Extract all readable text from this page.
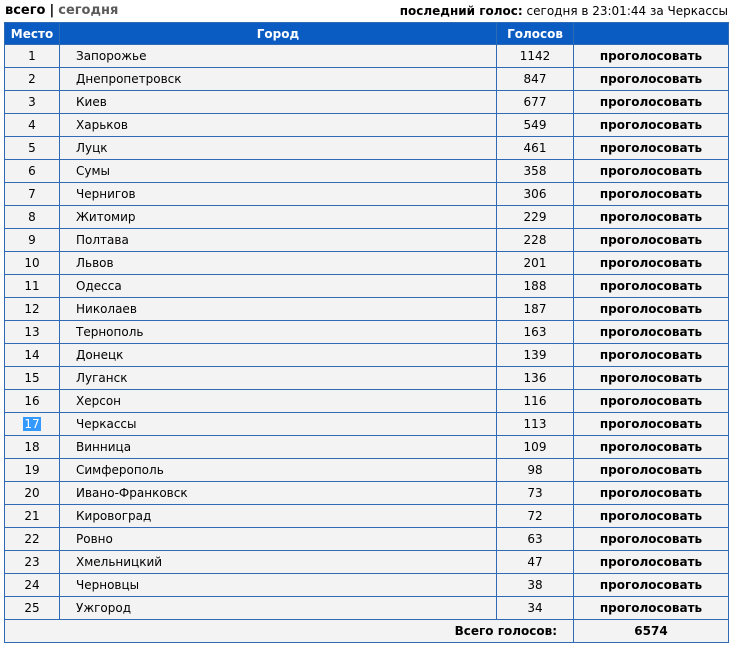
всего | сегодня	последний голос: сегодня в 23:01:44 за Черкассы
Место	Город	Голосов	
1	Запорожье	1142	проголосовать
2	Днепропетровск	847	проголосовать
3	Киев	677	проголосовать
4	Харьков	549	проголосовать
5	Луцк	461	проголосовать
6	Сумы	358	проголосовать
7	Чернигов	306	проголосовать
8	Житомир	229	проголосовать
9	Полтава	228	проголосовать
10	Львов	201	проголосовать
11	Одесса	188	проголосовать
12	Николаев	187	проголосовать
13	Тернополь	163	проголосовать
14	Донецк	139	проголосовать
15	Луганск	136	проголосовать
16	Херсон	116	проголосовать
17	Черкассы	113	проголосовать
18	Винница	109	проголосовать
19	Симферополь	98	проголосовать
20	Ивано-Франковск	73	проголосовать
21	Кировоград	72	проголосовать
22	Ровно	63	проголосовать
23	Хмельницкий	47	проголосовать
24	Черновцы	38	проголосовать
25	Ужгород	34	проголосовать
Всего голосов:			6574
